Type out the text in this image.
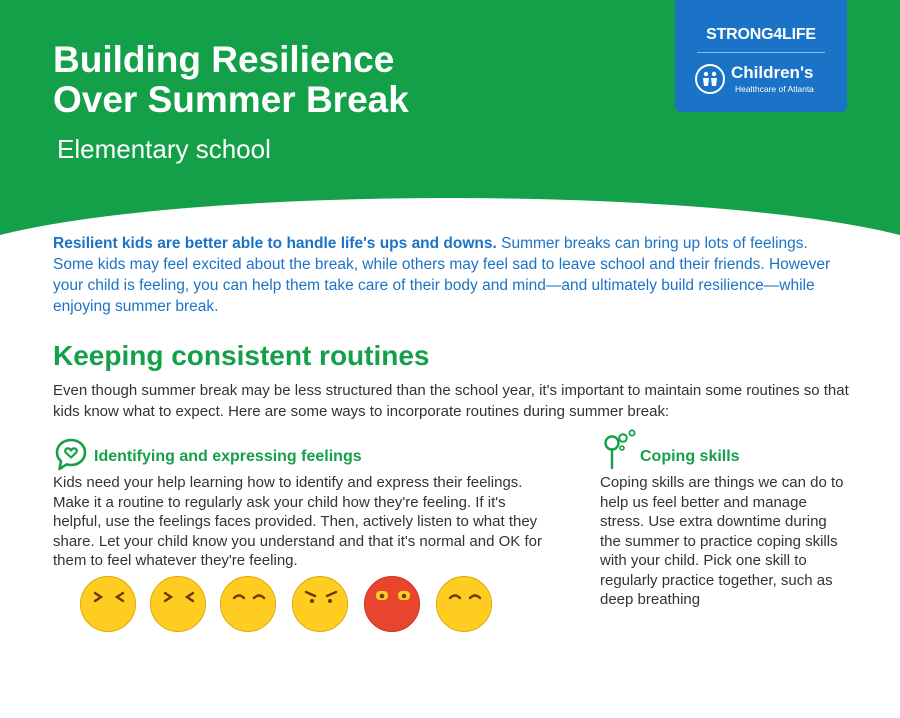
Building Resilience
Over Summer Break

Elementary school

STRONG4LIFE
Children's
Healthcare of Atlanta

Resilient kids are better able to handle life's ups and downs. Summer breaks can bring up lots of feelings. Some kids may feel excited about the break, while others may feel sad to leave school and their friends. However your child is feeling, you can help them take care of their body and mind—and ultimately build resilience—while enjoying summer break.

Keeping consistent routines

Even though summer break may be less structured than the school year, it's important to maintain some routines so that kids know what to expect. Here are some ways to incorporate routines during summer break:

Identifying and expressing feelings

Kids need your help learning how to identify and express their feelings. Make it a routine to regularly ask your child how they're feeling. If it's helpful, use the feelings faces provided. Then, actively listen to what they share. Let your child know you understand and that it's normal and OK for them to feel whatever they're feeling.

Coping skills

Coping skills are things we can do to help us feel better and manage stress. Use extra downtime during the summer to practice coping skills with your child. Pick one skill to regularly practice together, such as deep breathing
